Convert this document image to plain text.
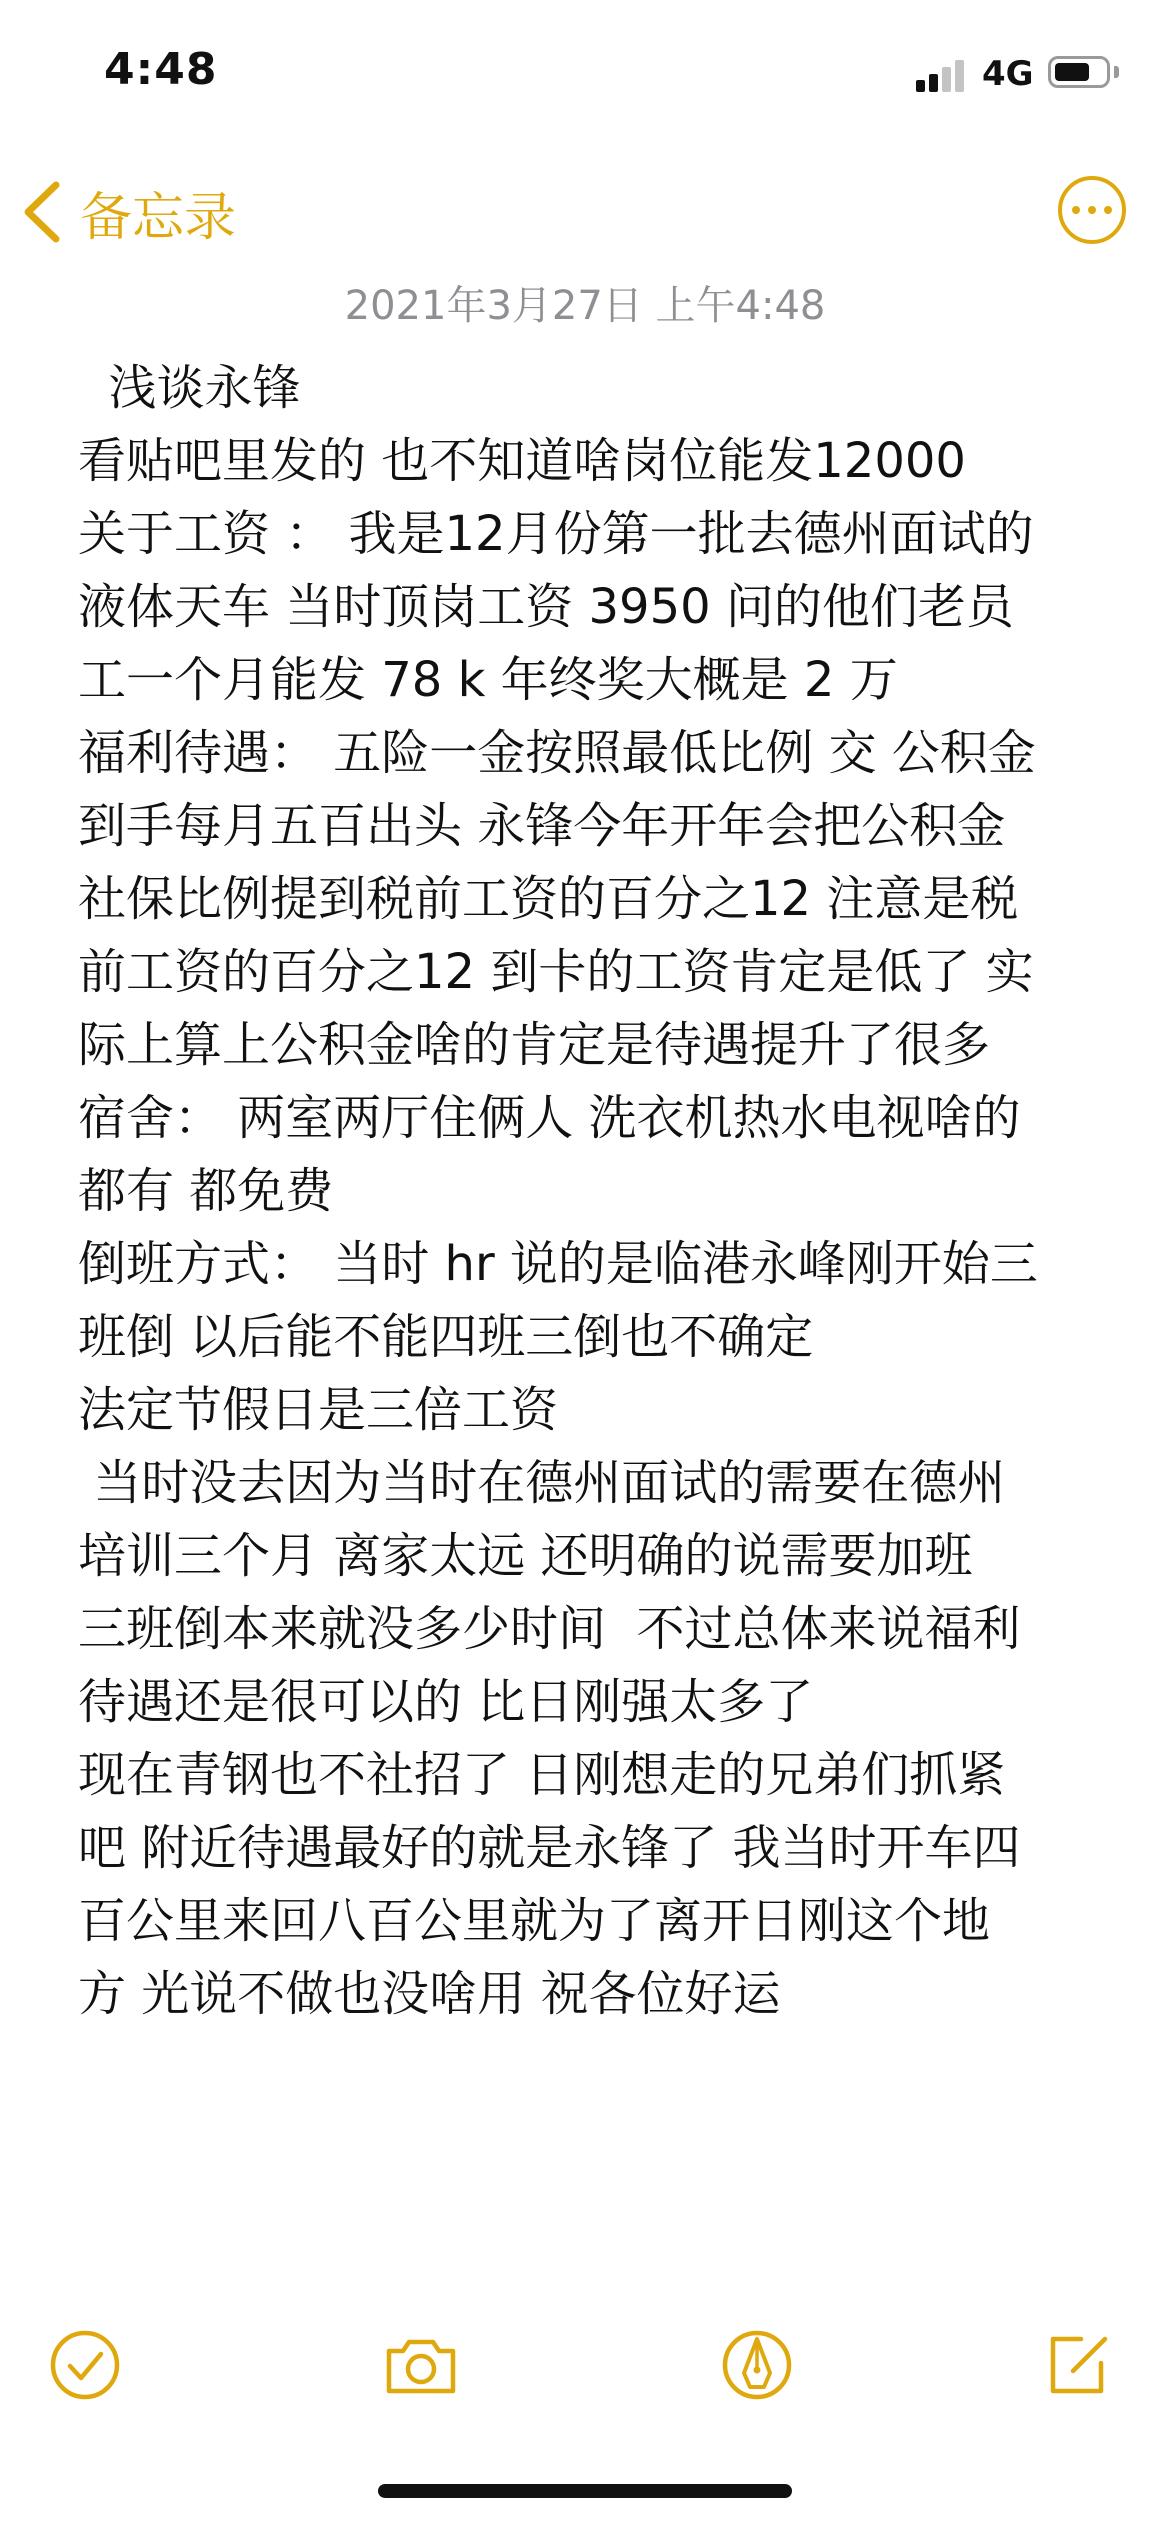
4:48	4G
备忘录
2021年3月27日 上午4:48
浅谈永锋
看贴吧里发的 也不知道啥岗位能发12000
关于工资 ： 我是12月份第一批去德州面试的
液体天车 当时顶岗工资 3950 问的他们老员
工一个月能发 78 k 年终奖大概是 2 万
福利待遇： 五险一金按照最低比例 交 公积金
到手每月五百出头 永锋今年开年会把公积金
社保比例提到税前工资的百分之12 注意是税
前工资的百分之12 到卡的工资肯定是低了 实
际上算上公积金啥的肯定是待遇提升了很多
宿舍： 两室两厅住俩人 洗衣机热水电视啥的
都有 都免费
倒班方式： 当时 hr 说的是临港永峰刚开始三
班倒 以后能不能四班三倒也不确定
法定节假日是三倍工资
当时没去因为当时在德州面试的需要在德州
培训三个月 离家太远 还明确的说需要加班
三班倒本来就没多少时间  不过总体来说福利
待遇还是很可以的 比日刚强太多了
现在青钢也不社招了 日刚想走的兄弟们抓紧
吧 附近待遇最好的就是永锋了 我当时开车四
百公里来回八百公里就为了离开日刚这个地
方 光说不做也没啥用 祝各位好运
